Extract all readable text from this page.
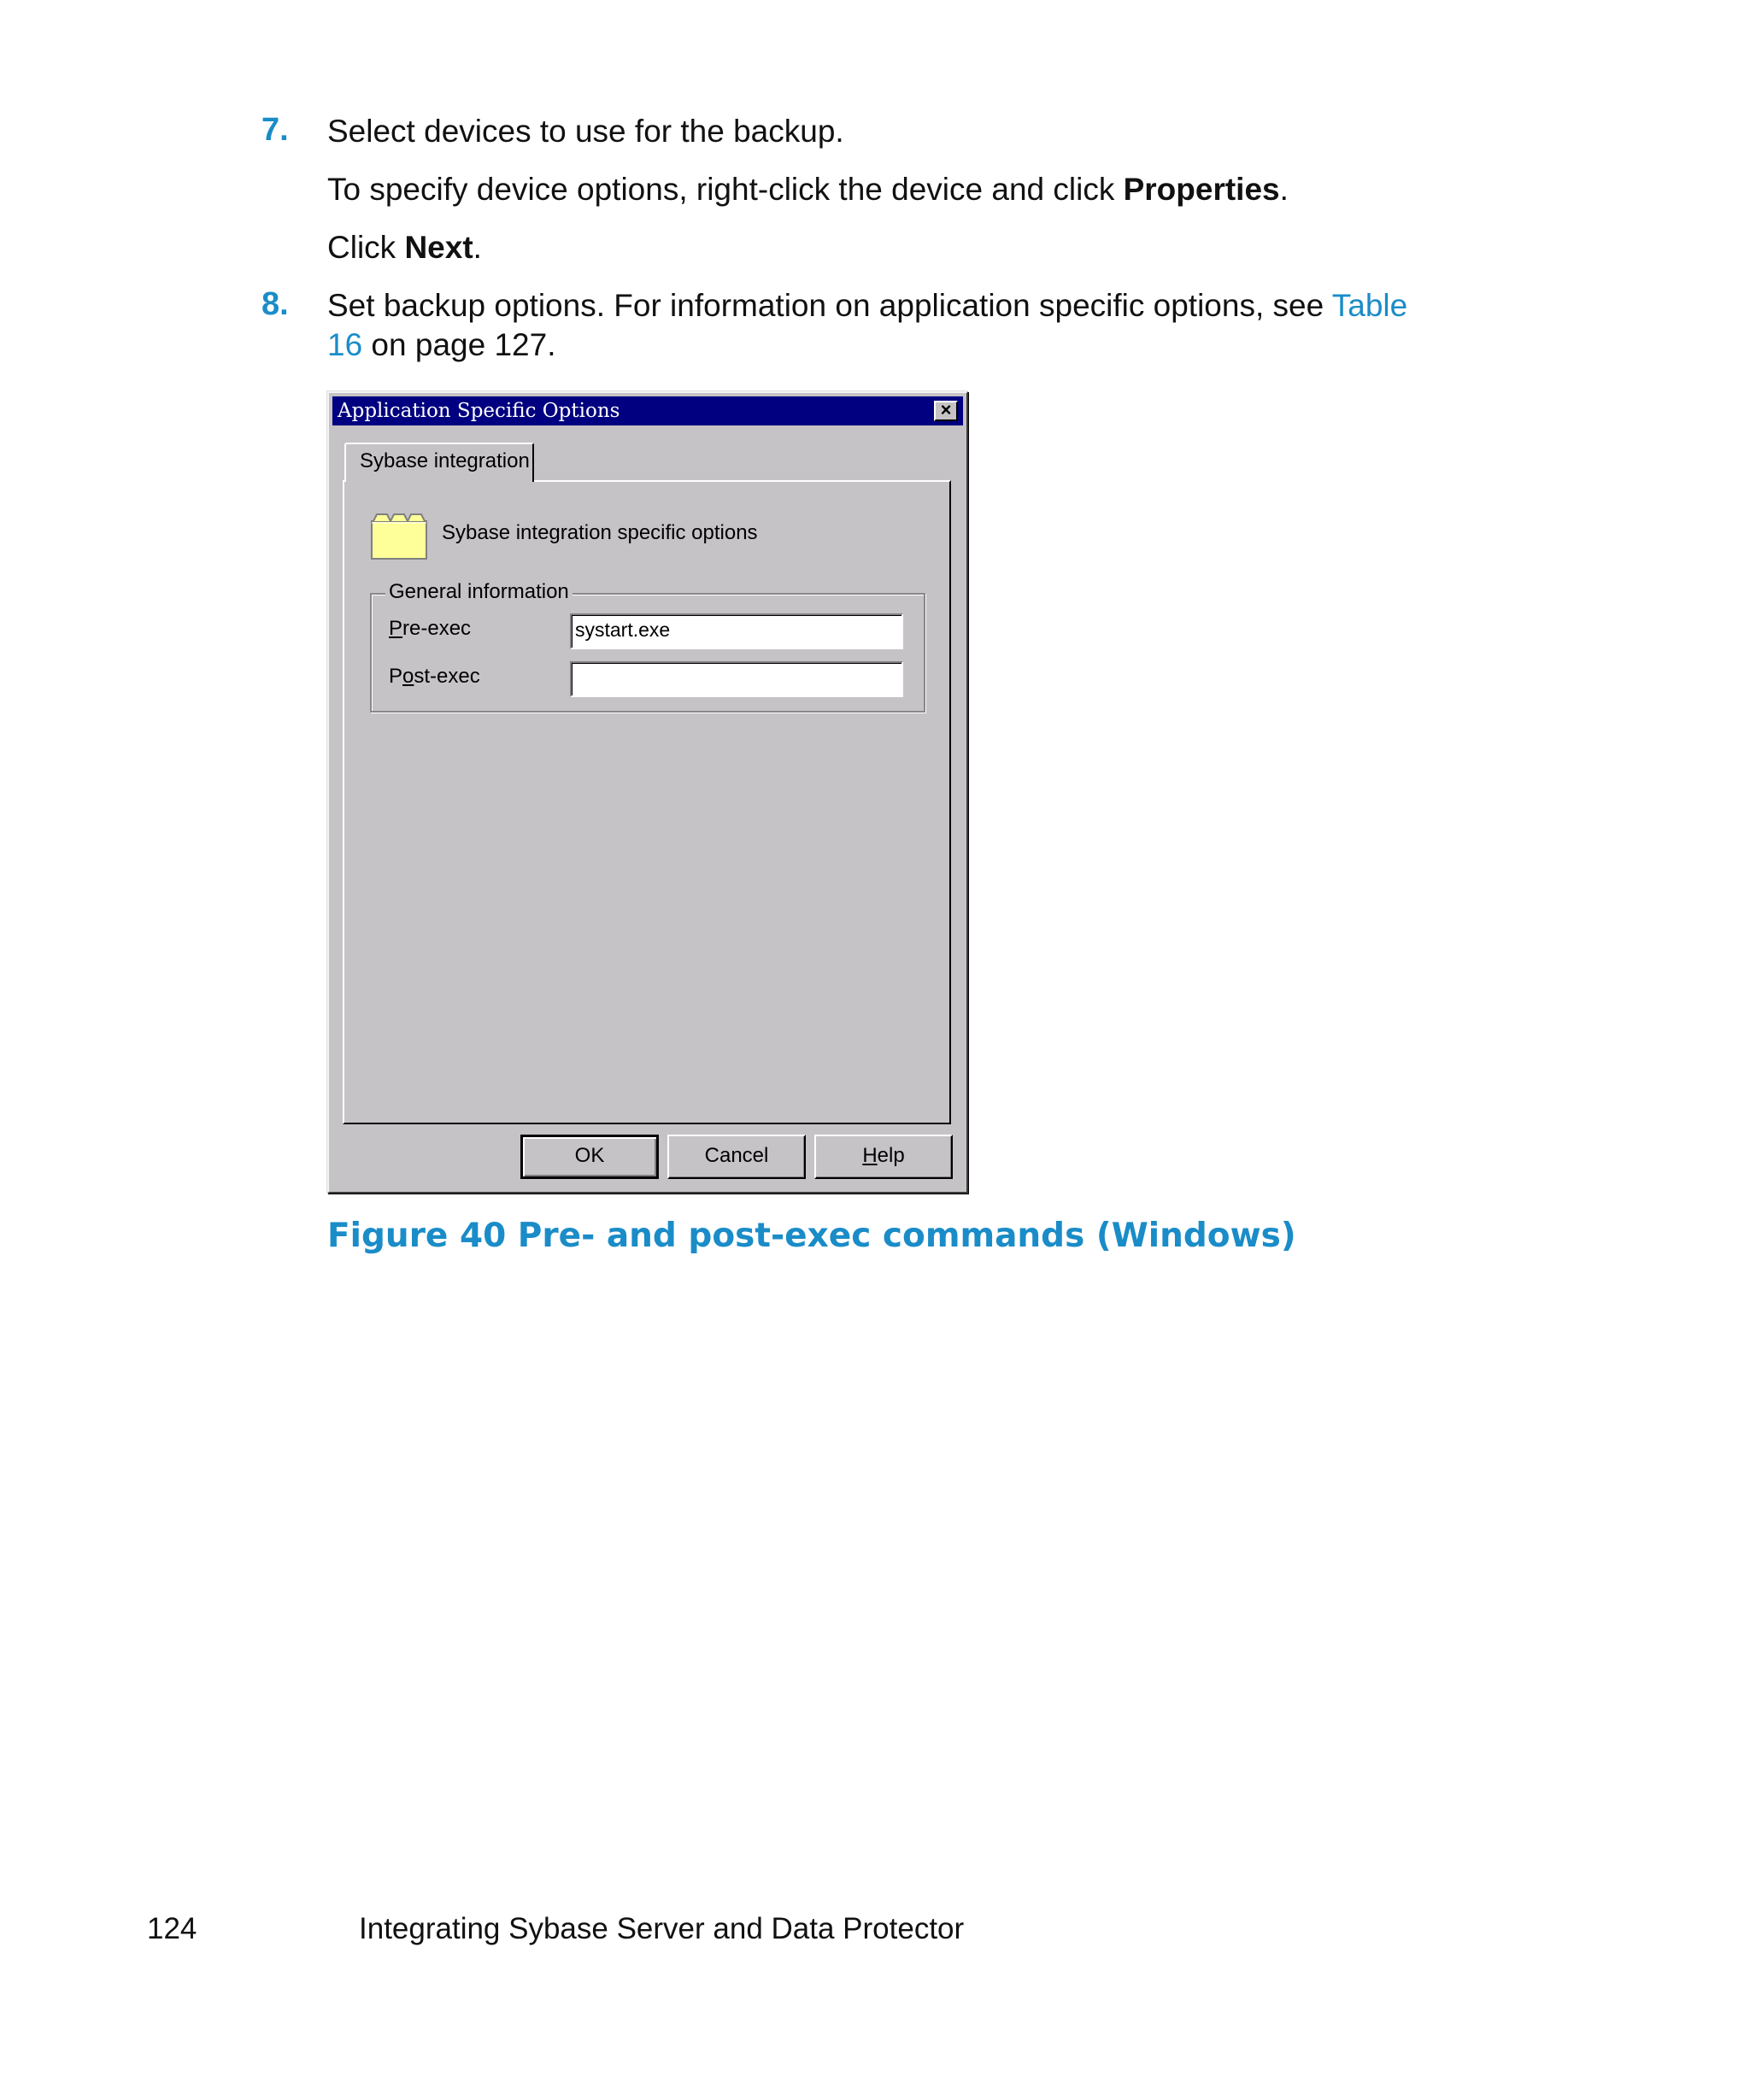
7. Select devices to use for the backup.
To specify device options, right-click the device and click Properties.
Click Next.
8. Set backup options. For information on application specific options, see Table
16 on page 127.
Application Specific Options	×
Sybase integration
Sybase integration specific options
General information
Pre-exec	systart.exe
Post-exec
OK	Cancel	Help
Figure 40 Pre- and post-exec commands (Windows)
124	Integrating Sybase Server and Data Protector
